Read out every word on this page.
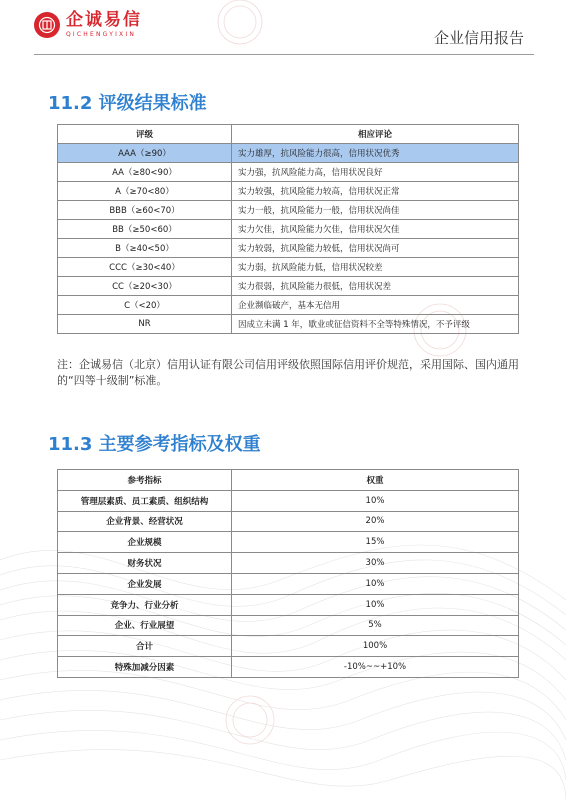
企诚易信
QICHENGYIXIN	企业信用报告
11.2 评级结果标准
评级	相应评论
AAA（≥90）	实力雄厚，抗风险能力很高，信用状况优秀
AA（≥80<90）	实力强，抗风险能力高，信用状况良好
A（≥70<80）	实力较强，抗风险能力较高，信用状况正常
BBB（≥60<70）	实力一般，抗风险能力一般，信用状况尚佳
BB（≥50<60）	实力欠佳，抗风险能力欠佳，信用状况欠佳
B（≥40<50）	实力较弱，抗风险能力较低，信用状况尚可
CCC（≥30<40）	实力弱，抗风险能力低，信用状况较差
CC（≥20<30）	实力很弱，抗风险能力很低，信用状况差
C（<20）	企业濒临破产，基本无信用
NR	因成立未满 1 年，歇业或征信资料不全等特殊情况，不予评级
注：企诚易信（北京）信用认证有限公司信用评级依照国际信用评价规范，采用国际、国内通用的“四等十级制”标准。
11.3 主要参考指标及权重
参考指标	权重
管理层素质、员工素质、组织结构	10%
企业背景、经营状况	20%
企业规模	15%
财务状况	30%
企业发展	10%
竞争力、行业分析	10%
企业、行业展望	5%
合计	100%
特殊加减分因素	-10%~~+10%
